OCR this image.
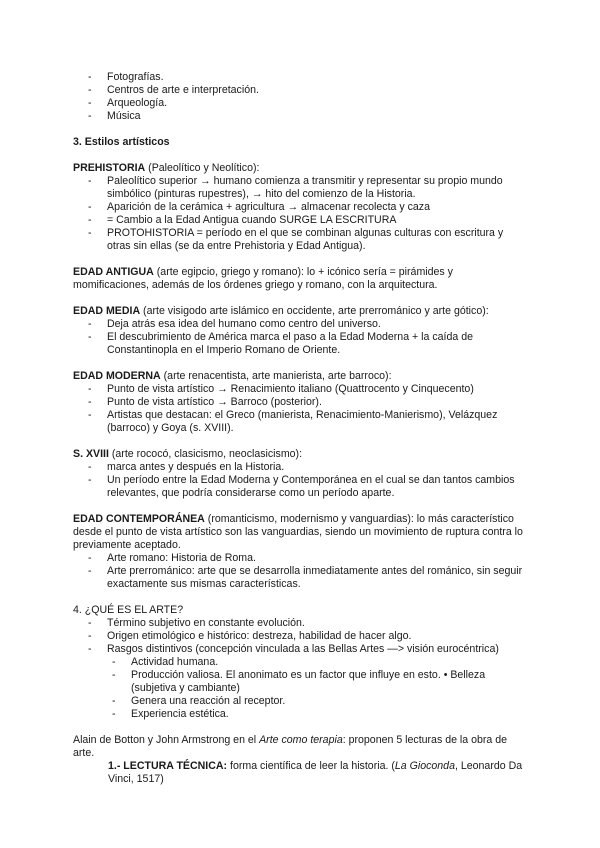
- Fotografías.
- Centros de arte e interpretación.
- Arqueología.
- Música

3. Estilos artísticos

PREHISTORIA (Paleolítico y Neolítico):

- Paleolítico superior → humano comienza a transmitir y representar su propio mundo simbólico (pinturas rupestres), → hito del comienzo de la Historia.
- Aparición de la cerámica + agricultura → almacenar recolecta y caza
- = Cambio a la Edad Antigua cuando SURGE LA ESCRITURA
- PROTOHISTORIA = período en el que se combinan algunas culturas con escritura y otras sin ellas (se da entre Prehistoria y Edad Antigua).

EDAD ANTIGUA (arte egipcio, griego y romano): lo + icónico sería = pirámides y momificaciones, además de los órdenes griego y romano, con la arquitectura.

EDAD MEDIA (arte visigodo arte islámico en occidente, arte prerrománico y arte gótico):

- Deja atrás esa idea del humano como centro del universo.
- El descubrimiento de América marca el paso a la Edad Moderna + la caída de Constantinopla en el Imperio Romano de Oriente.

EDAD MODERNA (arte renacentista, arte manierista, arte barroco):

- Punto de vista artístico → Renacimiento italiano (Quattrocento y Cinquecento)
- Punto de vista artístico → Barroco (posterior).
- Artistas que destacan: el Greco (manierista, Renacimiento-Manierismo), Velázquez (barroco) y Goya (s. XVIII).

S. XVIII (arte rococó, clasicismo, neoclasicismo):

- marca antes y después en la Historia.
- Un período entre la Edad Moderna y Contemporánea en el cual se dan tantos cambios relevantes, que podría considerarse como un período aparte.

EDAD CONTEMPORÁNEA (romanticismo, modernismo y vanguardias): lo más característico desde el punto de vista artístico son las vanguardias, siendo un movimiento de ruptura contra lo previamente aceptado.

- Arte romano: Historia de Roma.
- Arte prerrománico: arte que se desarrolla inmediatamente antes del románico, sin seguir exactamente sus mismas características.

4. ¿QUÉ ES EL ARTE?

- Término subjetivo en constante evolución.
- Origen etimológico e histórico: destreza, habilidad de hacer algo.
- Rasgos distintivos (concepción vinculada a las Bellas Artes —> visión eurocéntrica)
- Actividad humana.
- Producción valiosa. El anonimato es un factor que influye en esto. • Belleza (subjetiva y cambiante)
- Genera una reacción al receptor.
- Experiencia estética.

Alain de Botton y John Armstrong en el Arte como terapia: proponen 5 lecturas de la obra de arte.

1.- LECTURA TÉCNICA: forma científica de leer la historia. (La Gioconda, Leonardo Da Vinci, 1517)
